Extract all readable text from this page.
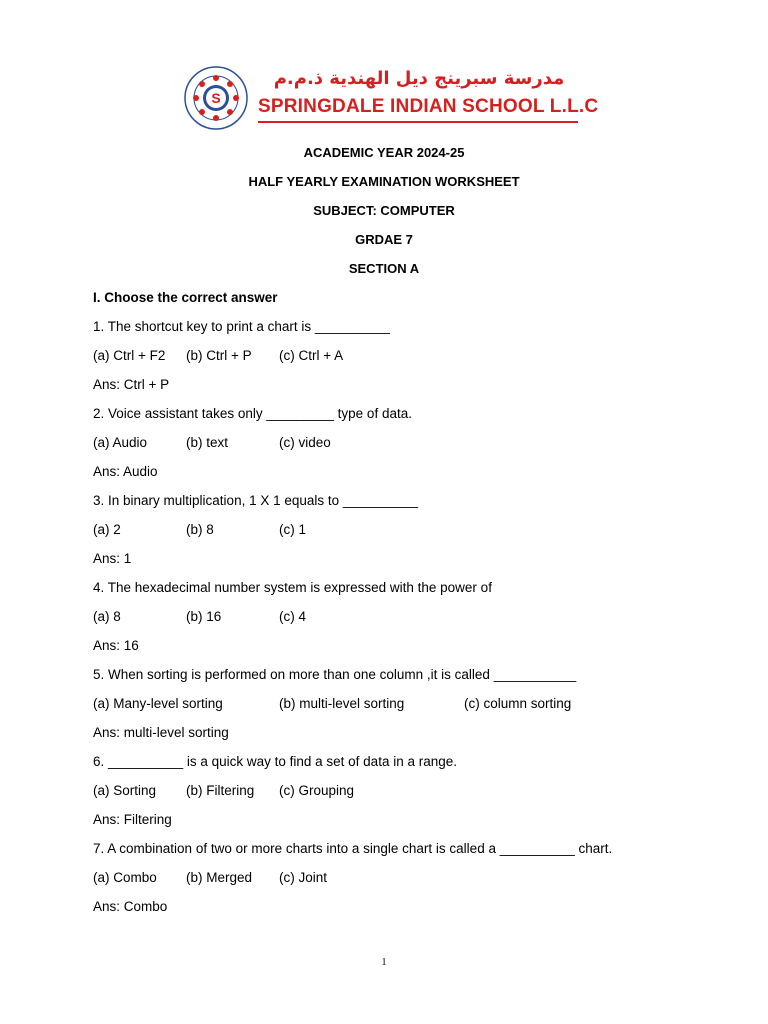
S
مدرسة سبرينج ديل الهندية ذ.م.م
SPRINGDALE INDIAN SCHOOL L.L.C
ACADEMIC YEAR 2024-25
HALF YEARLY EXAMINATION WORKSHEET
SUBJECT: COMPUTER
GRDAE 7
SECTION A
I. Choose the correct answer
1. The shortcut key to print a chart is __________
(a) Ctrl + F2 (b) Ctrl + P (c) Ctrl + A
Ans: Ctrl + P
2. Voice assistant takes only _________ type of data.
(a) Audio	(b) text	(c) video
Ans: Audio
3. In binary multiplication, 1 X 1 equals to __________
(a) 2	(b) 8	(c) 1
Ans: 1
4. The hexadecimal number system is expressed with the power of
(a) 8	(b) 16	(c) 4
Ans: 16
5. When sorting is performed on more than one column ,it is called ___________
(a) Many-level sorting	(b) multi-level sorting	(c) column sorting
Ans: multi-level sorting
6. __________ is a quick way to find a set of data in a range.
(a) Sorting (b) Filtering (c) Grouping
Ans: Filtering
7. A combination of two or more charts into a single chart is called a __________ chart.
(a) Combo (b) Merged (c) Joint
Ans: Combo
1
